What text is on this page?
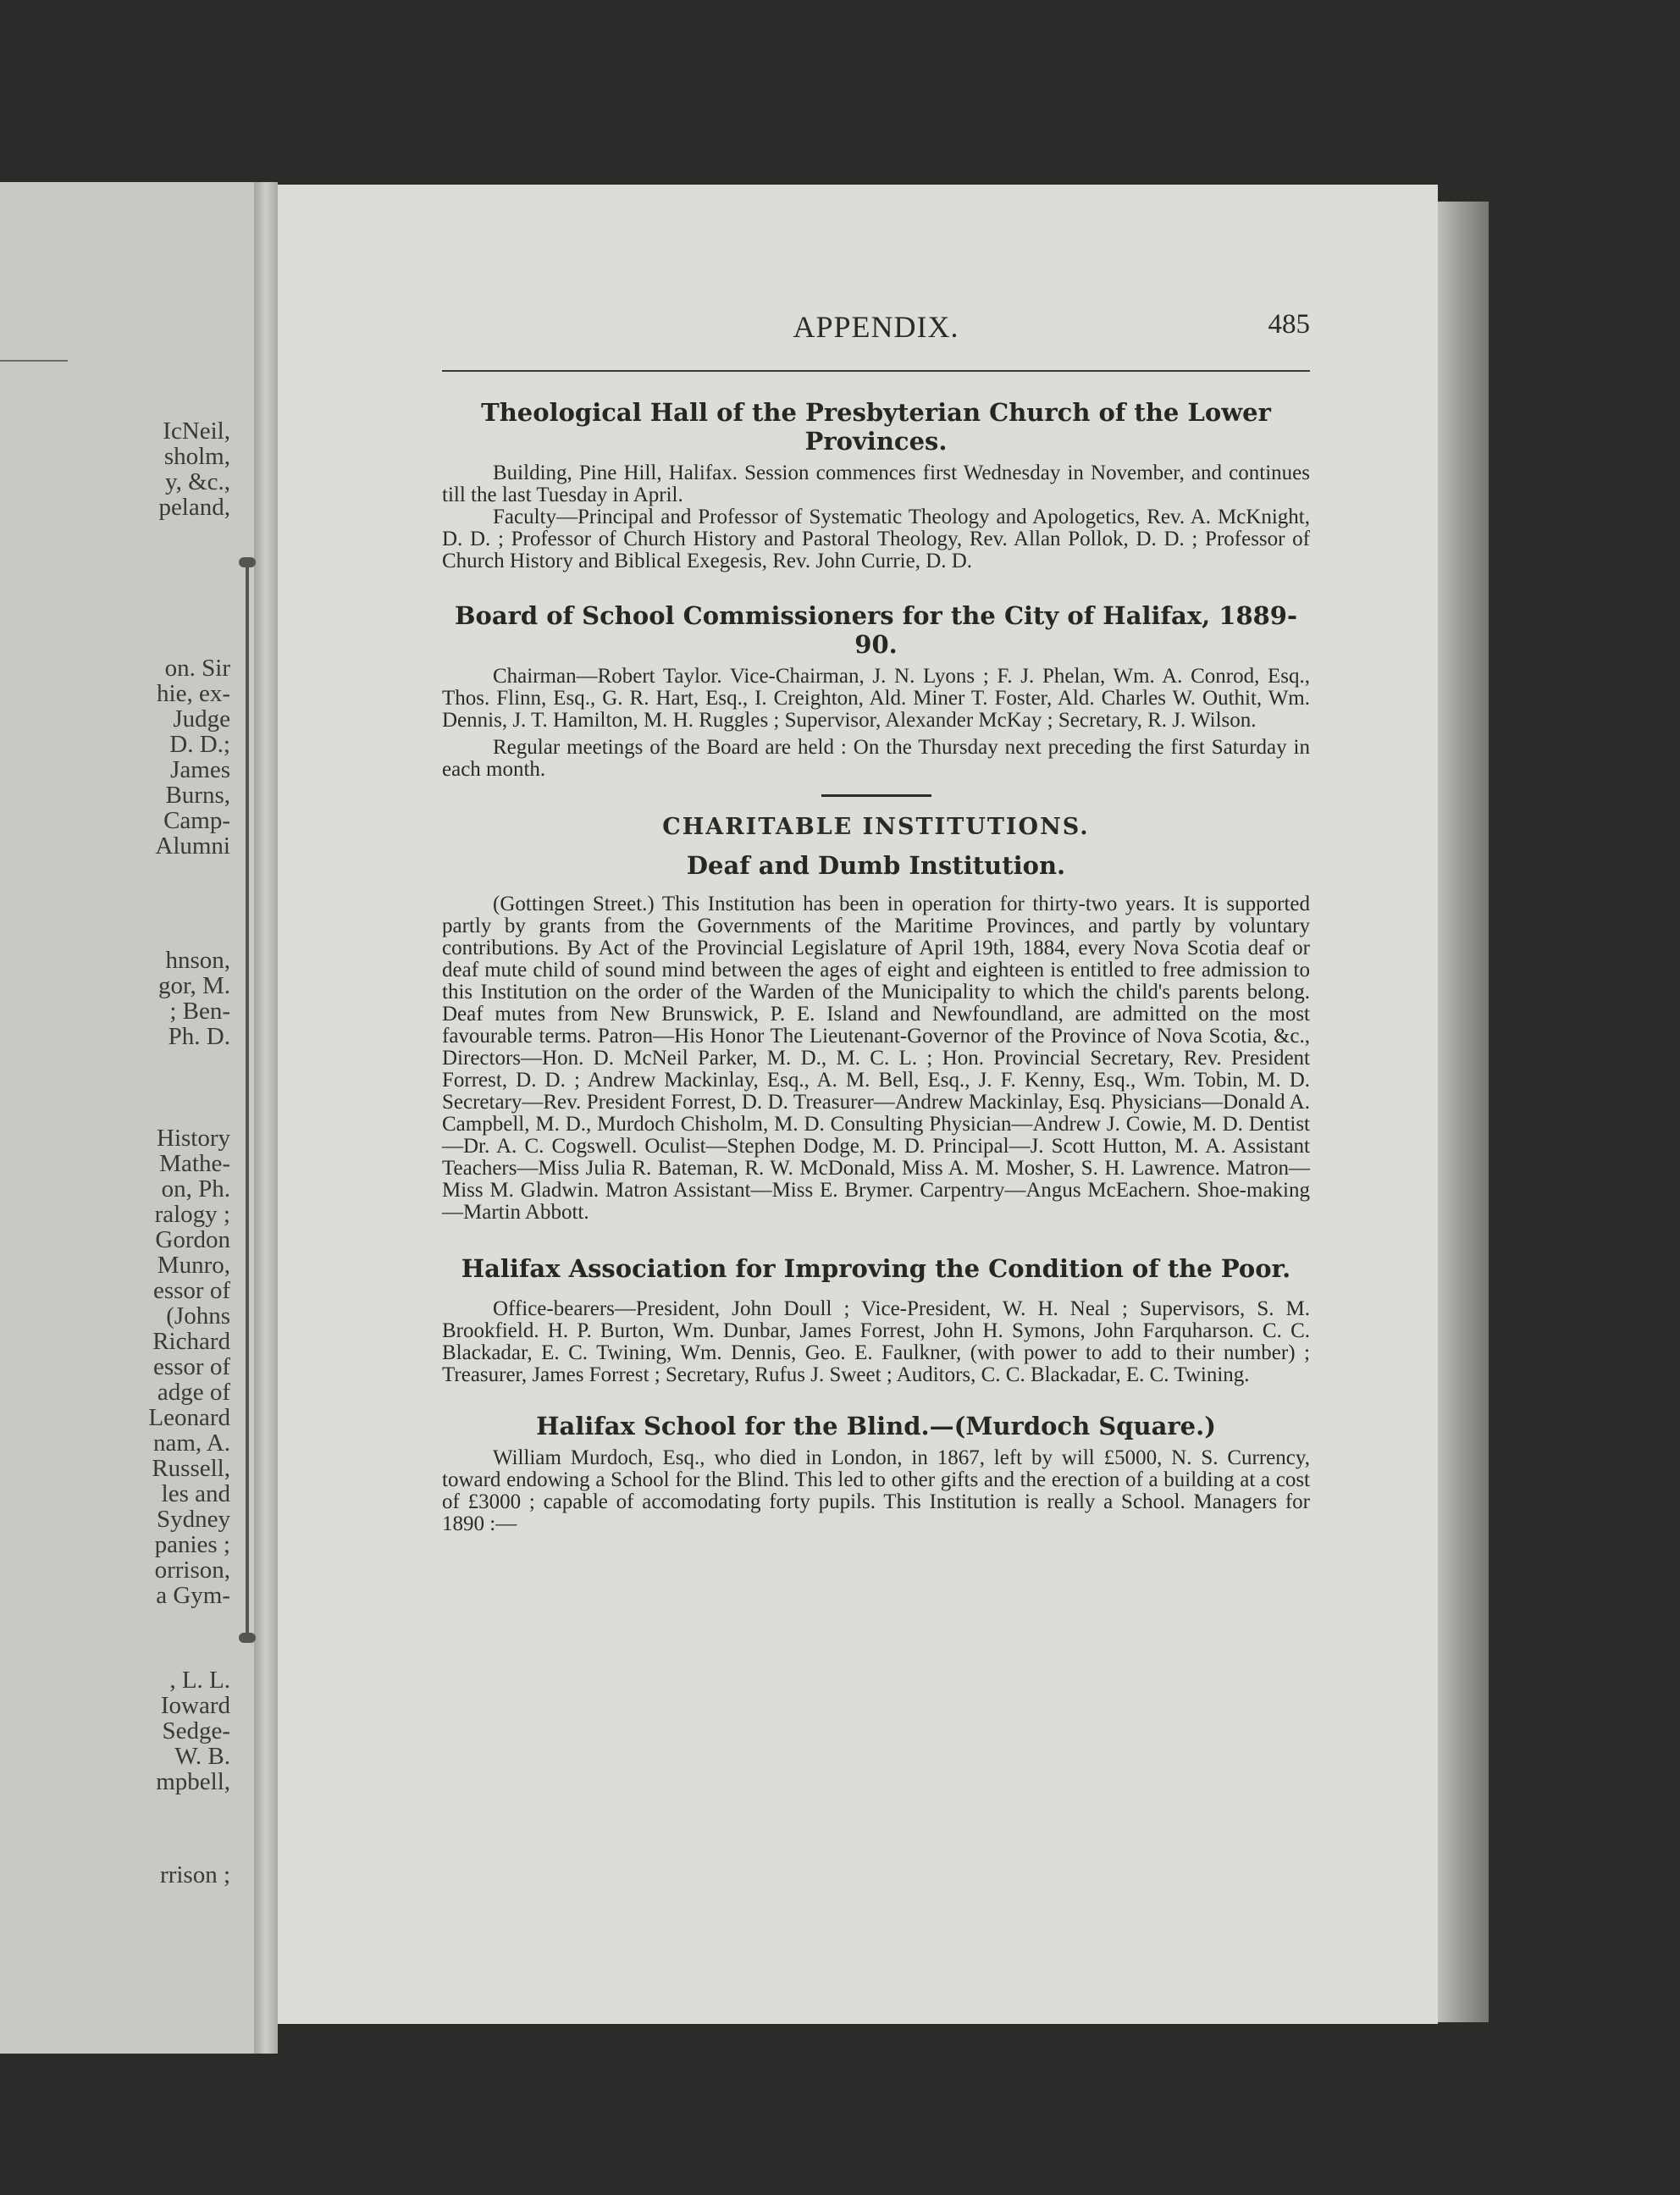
IcNeil,
sholm,
y, &c.,
peland,
on. Sir
hie, ex-
Judge
D. D.;
James
Burns,
Camp-
Alumni
hnson,
gor, M.
; Ben-
Ph. D.
History
Mathe-
on, Ph.
ralogy ;
Gordon
Munro,
essor of
(Johns
Richard
essor of
adge of
Leonard
nam, A.
Russell,
les and
Sydney
panies ;
orrison,
a Gym-
, L. L.
Ioward
Sedge-
W. B.
mpbell,
rrison ;
APPENDIX.	485
Theological Hall of the Presbyterian Church of the Lower Provinces.

Building, Pine Hill, Halifax. Session commences first Wednesday in November, and continues till the last Tuesday in April.

Faculty—Principal and Professor of Systematic Theology and Apologetics, Rev. A. McKnight, D. D. ; Professor of Church History and Pastoral Theology, Rev. Allan Pollok, D. D. ; Professor of Church History and Biblical Exegesis, Rev. John Currie, D. D.

Board of School Commissioners for the City of Halifax, 1889-90.

Chairman—Robert Taylor. Vice-Chairman, J. N. Lyons ; F. J. Phelan, Wm. A. Conrod, Esq., Thos. Flinn, Esq., G. R. Hart, Esq., I. Creighton, Ald. Miner T. Foster, Ald. Charles W. Outhit, Wm. Dennis, J. T. Hamilton, M. H. Ruggles ; Supervisor, Alexander McKay ; Secretary, R. J. Wilson.

Regular meetings of the Board are held : On the Thursday next preceding the first Saturday in each month.

CHARITABLE INSTITUTIONS.
Deaf and Dumb Institution.

(Gottingen Street.) This Institution has been in operation for thirty-two years. It is supported partly by grants from the Governments of the Maritime Provinces, and partly by voluntary contributions. By Act of the Provincial Legislature of April 19th, 1884, every Nova Scotia deaf or deaf mute child of sound mind between the ages of eight and eighteen is entitled to free admission to this Institution on the order of the Warden of the Municipality to which the child's parents belong. Deaf mutes from New Brunswick, P. E. Island and Newfoundland, are admitted on the most favourable terms. Patron—His Honor The Lieutenant-Governor of the Province of Nova Scotia, &c., Directors—Hon. D. McNeil Parker, M. D., M. C. L. ; Hon. Provincial Secretary, Rev. President Forrest, D. D. ; Andrew Mackinlay, Esq., A. M. Bell, Esq., J. F. Kenny, Esq., Wm. Tobin, M. D. Secretary—Rev. President Forrest, D. D. Treasurer—Andrew Mackinlay, Esq. Physicians—Donald A. Campbell, M. D., Murdoch Chisholm, M. D. Consulting Physician—Andrew J. Cowie, M. D. Dentist—Dr. A. C. Cogswell. Oculist—Stephen Dodge, M. D. Principal—J. Scott Hutton, M. A. Assistant Teachers—Miss Julia R. Bateman, R. W. McDonald, Miss A. M. Mosher, S. H. Lawrence. Matron—Miss M. Gladwin. Matron Assistant—Miss E. Brymer. Carpentry—Angus McEachern. Shoe-making—Martin Abbott.

Halifax Association for Improving the Condition of the Poor.

Office-bearers—President, John Doull ; Vice-President, W. H. Neal ; Supervisors, S. M. Brookfield. H. P. Burton, Wm. Dunbar, James Forrest, John H. Symons, John Farquharson. C. C. Blackadar, E. C. Twining, Wm. Dennis, Geo. E. Faulkner, (with power to add to their number) ; Treasurer, James Forrest ; Secretary, Rufus J. Sweet ; Auditors, C. C. Blackadar, E. C. Twining.

Halifax School for the Blind.—(Murdoch Square.)

William Murdoch, Esq., who died in London, in 1867, left by will £5000, N. S. Currency, toward endowing a School for the Blind. This led to other gifts and the erection of a building at a cost of £3000 ; capable of accomodating forty pupils. This Institution is really a School. Managers for 1890 :—
